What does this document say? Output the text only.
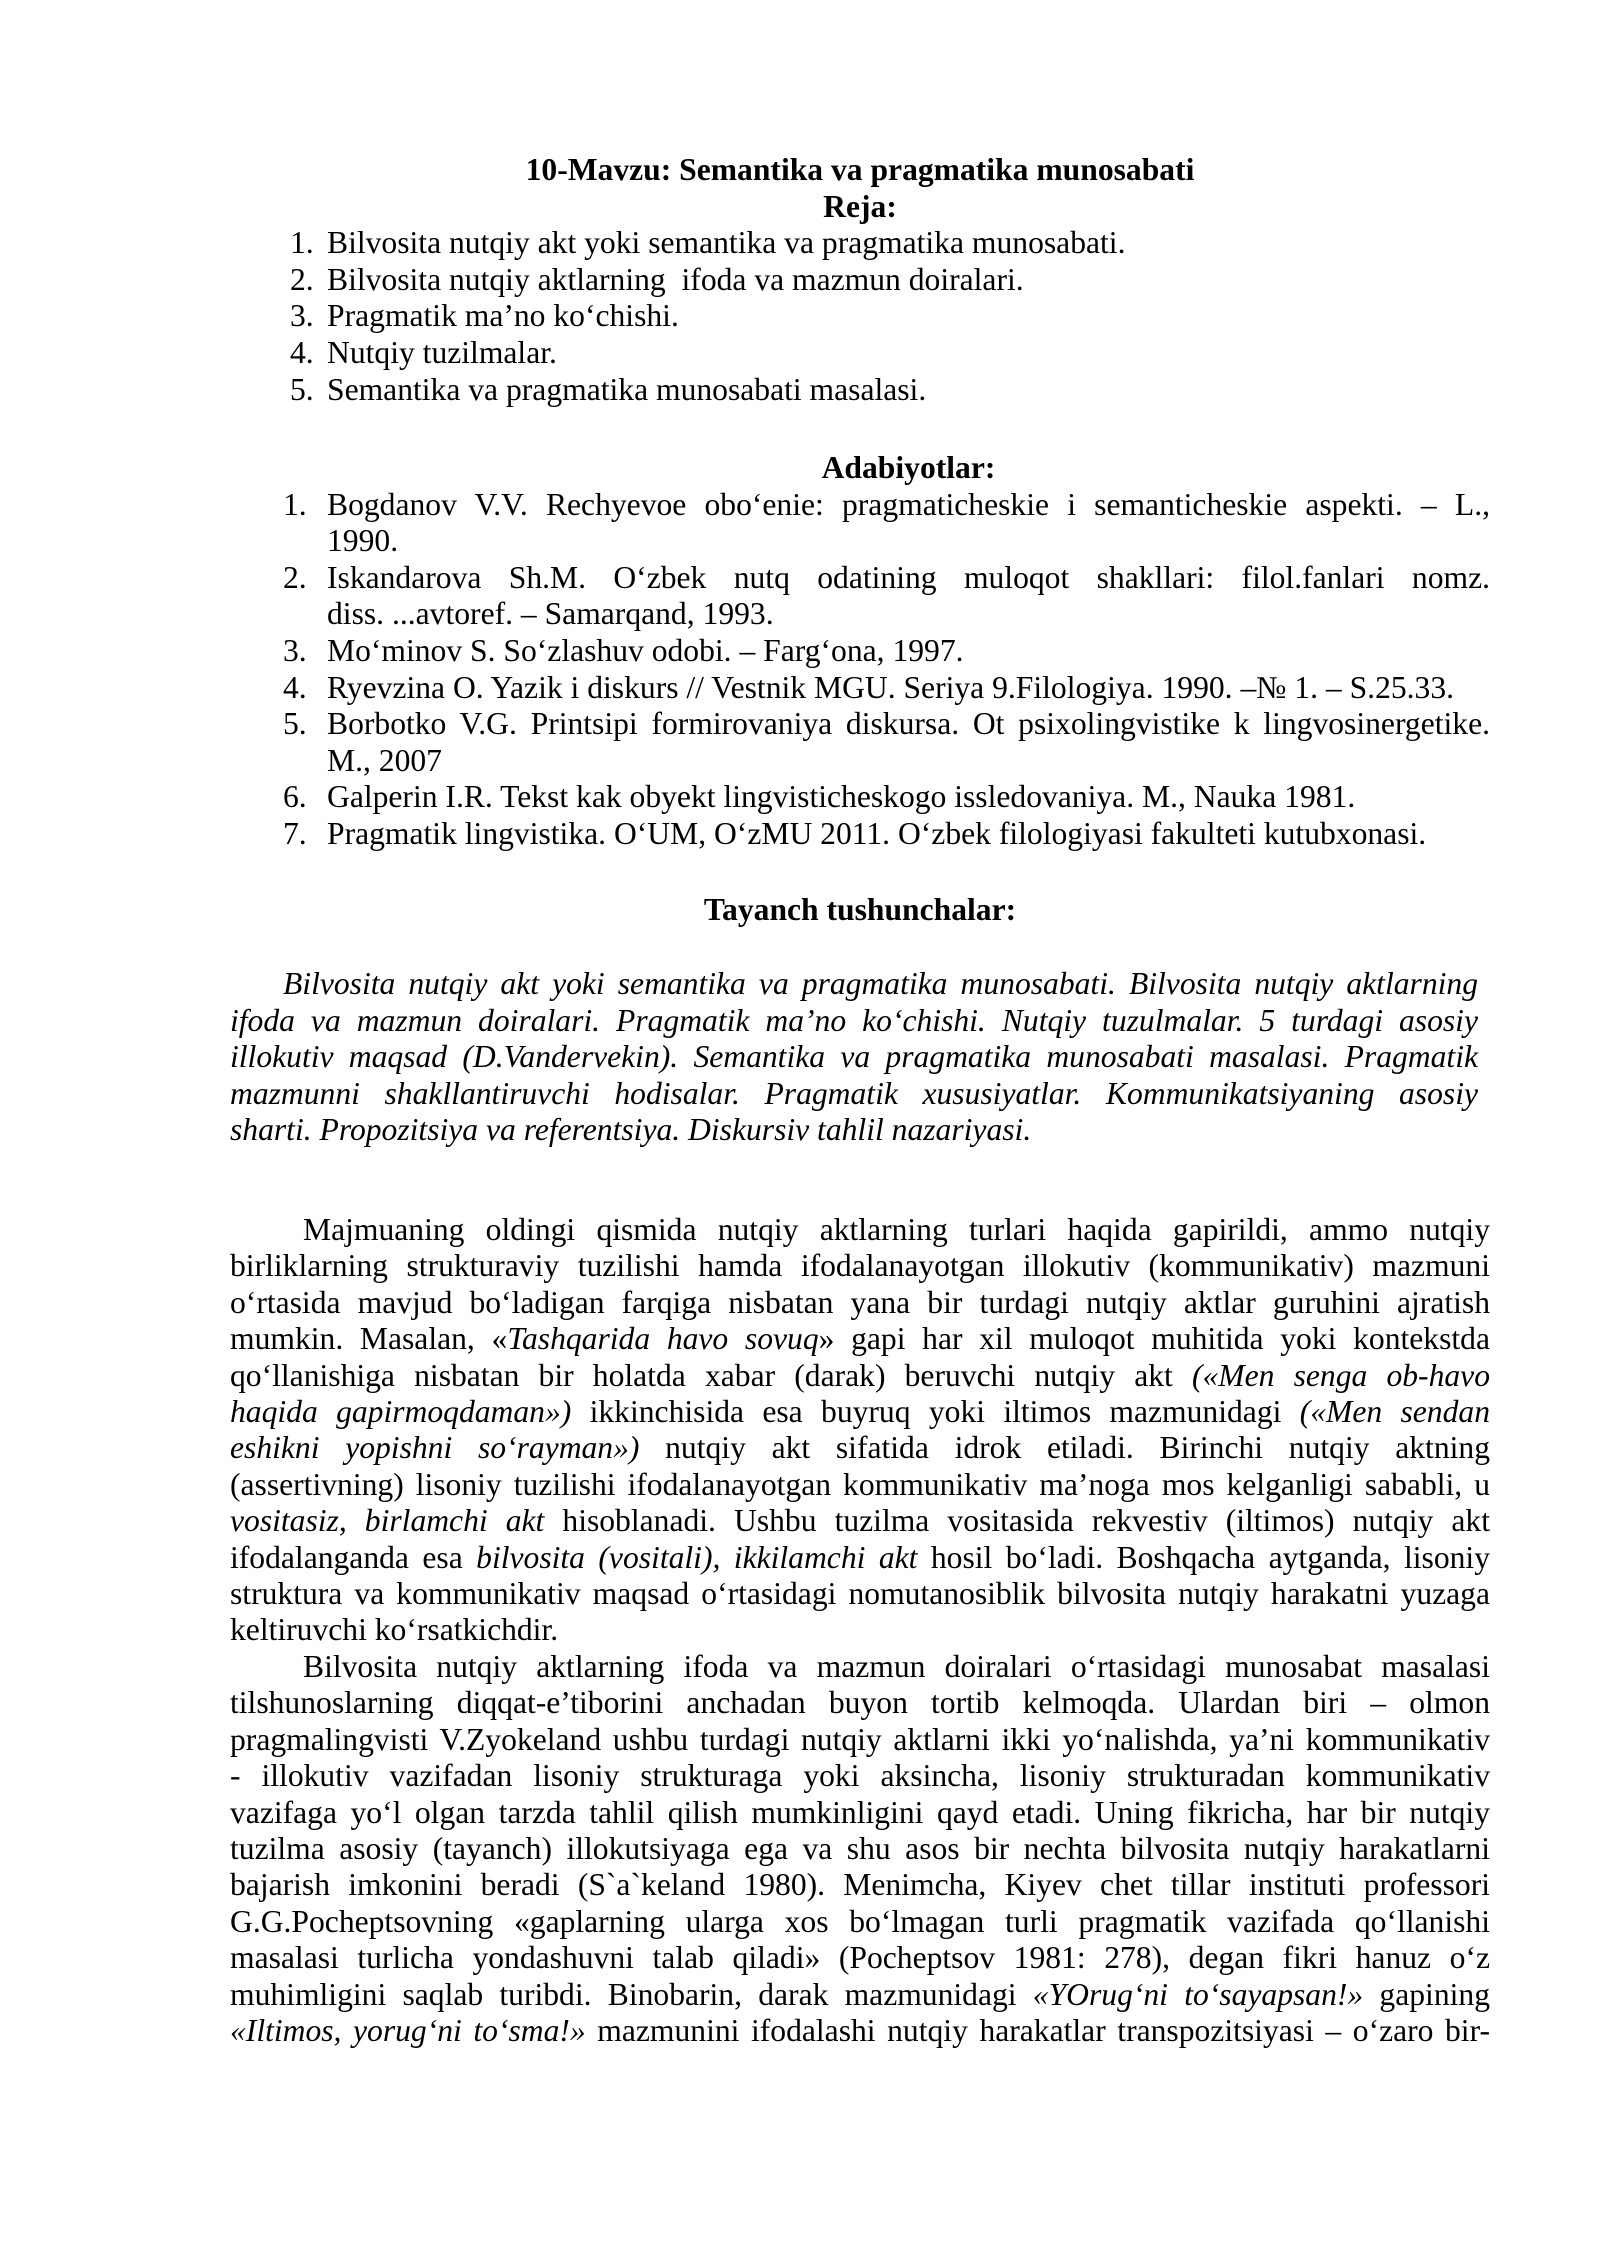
10-Mavzu: Semantika va pragmatika munosabati
Reja:
1. Bilvosita nutqiy akt yoki semantika va pragmatika munosabati.
2. Bilvosita nutqiy aktlarning  ifoda va mazmun doiralari.
3. Pragmatik ma’no ko‘chishi.
4. Nutqiy tuzilmalar.
5. Semantika va pragmatika munosabati masalasi.
Adabiyotlar:
1. Bogdanov V.V. Rechyevoe obo‘enie: pragmaticheskie i semanticheskie aspekti. – L.,
1990.
2. Iskandarova Sh.M. O‘zbek nutq odatining muloqot shakllari: filol.fanlari nomz.
diss. ...avtoref. – Samarqand, 1993.
3. Mo‘minov S. So‘zlashuv odobi. – Farg‘ona, 1997.
4. Ryevzina O. Yazik i diskurs // Vestnik MGU. Seriya 9.Filologiya. 1990. –№ 1. – S.25.33.
5. Borbotko V.G. Printsipi formirovaniya diskursa. Ot psixolingvistike k lingvosinergetike.
M., 2007
6. Galperin I.R. Tekst kak obyekt lingvisticheskogo issledovaniya. M., Nauka 1981.
7. Pragmatik lingvistika. O‘UM, O‘zMU 2011. O‘zbek filologiyasi fakulteti kutubxonasi.
Tayanch tushunchalar:
Bilvosita nutqiy akt yoki semantika va pragmatika munosabati. Bilvosita nutqiy aktlarning
ifoda va mazmun doiralari. Pragmatik ma’no ko‘chishi. Nutqiy tuzulmalar. 5 turdagi asosiy
illokutiv maqsad (D.Vandervekin). Semantika va pragmatika munosabati masalasi. Pragmatik
mazmunni shakllantiruvchi hodisalar. Pragmatik xususiyatlar. Kommunikatsiyaning asosiy
sharti. Propozitsiya va referentsiya. Diskursiv tahlil nazariyasi.
Majmuaning oldingi qismida nutqiy aktlarning turlari haqida gapirildi, ammo nutqiy
birliklarning strukturaviy tuzilishi hamda ifodalanayotgan illokutiv (kommunikativ) mazmuni
o‘rtasida mavjud bo‘ladigan farqiga nisbatan yana bir turdagi nutqiy aktlar guruhini ajratish
mumkin. Masalan, «Tashqarida havo sovuq» gapi har xil muloqot muhitida yoki kontekstda
qo‘llanishiga nisbatan bir holatda xabar (darak) beruvchi nutqiy akt («Men senga ob-havo
haqida gapirmoqdaman») ikkinchisida esa buyruq yoki iltimos mazmunidagi («Men sendan
eshikni yopishni so‘rayman») nutqiy akt sifatida idrok etiladi. Birinchi nutqiy aktning
(assertivning) lisoniy tuzilishi ifodalanayotgan kommunikativ ma’noga mos kelganligi sababli, u
vositasiz, birlamchi akt hisoblanadi. Ushbu tuzilma vositasida rekvestiv (iltimos) nutqiy akt
ifodalanganda esa bilvosita (vositali), ikkilamchi akt hosil bo‘ladi. Boshqacha aytganda, lisoniy
struktura va kommunikativ maqsad o‘rtasidagi nomutanosiblik bilvosita nutqiy harakatni yuzaga
keltiruvchi ko‘rsatkichdir.
Bilvosita nutqiy aktlarning ifoda va mazmun doiralari o‘rtasidagi munosabat masalasi
tilshunoslarning diqqat-e’tiborini anchadan buyon tortib kelmoqda. Ulardan biri – olmon
pragmalingvisti V.Zyokeland ushbu turdagi nutqiy aktlarni ikki yo‘nalishda, ya’ni kommunikativ
- illokutiv vazifadan lisoniy strukturaga yoki aksincha, lisoniy strukturadan kommunikativ
vazifaga yo‘l olgan tarzda tahlil qilish mumkinligini qayd etadi. Uning fikricha, har bir nutqiy
tuzilma asosiy (tayanch) illokutsiyaga ega va shu asos bir nechta bilvosita nutqiy harakatlarni
bajarish imkonini beradi (S`a`keland 1980). Menimcha, Kiyev chet tillar instituti professori
G.G.Pocheptsovning «gaplarning ularga xos bo‘lmagan turli pragmatik vazifada qo‘llanishi
masalasi turlicha yondashuvni talab qiladi» (Pocheptsov 1981: 278), degan fikri hanuz o‘z
muhimligini saqlab turibdi. Binobarin, darak mazmunidagi «YOrug‘ni to‘sayapsan!» gapining
«Iltimos, yorug‘ni to‘sma!» mazmunini ifodalashi nutqiy harakatlar transpozitsiyasi – o‘zaro bir-
